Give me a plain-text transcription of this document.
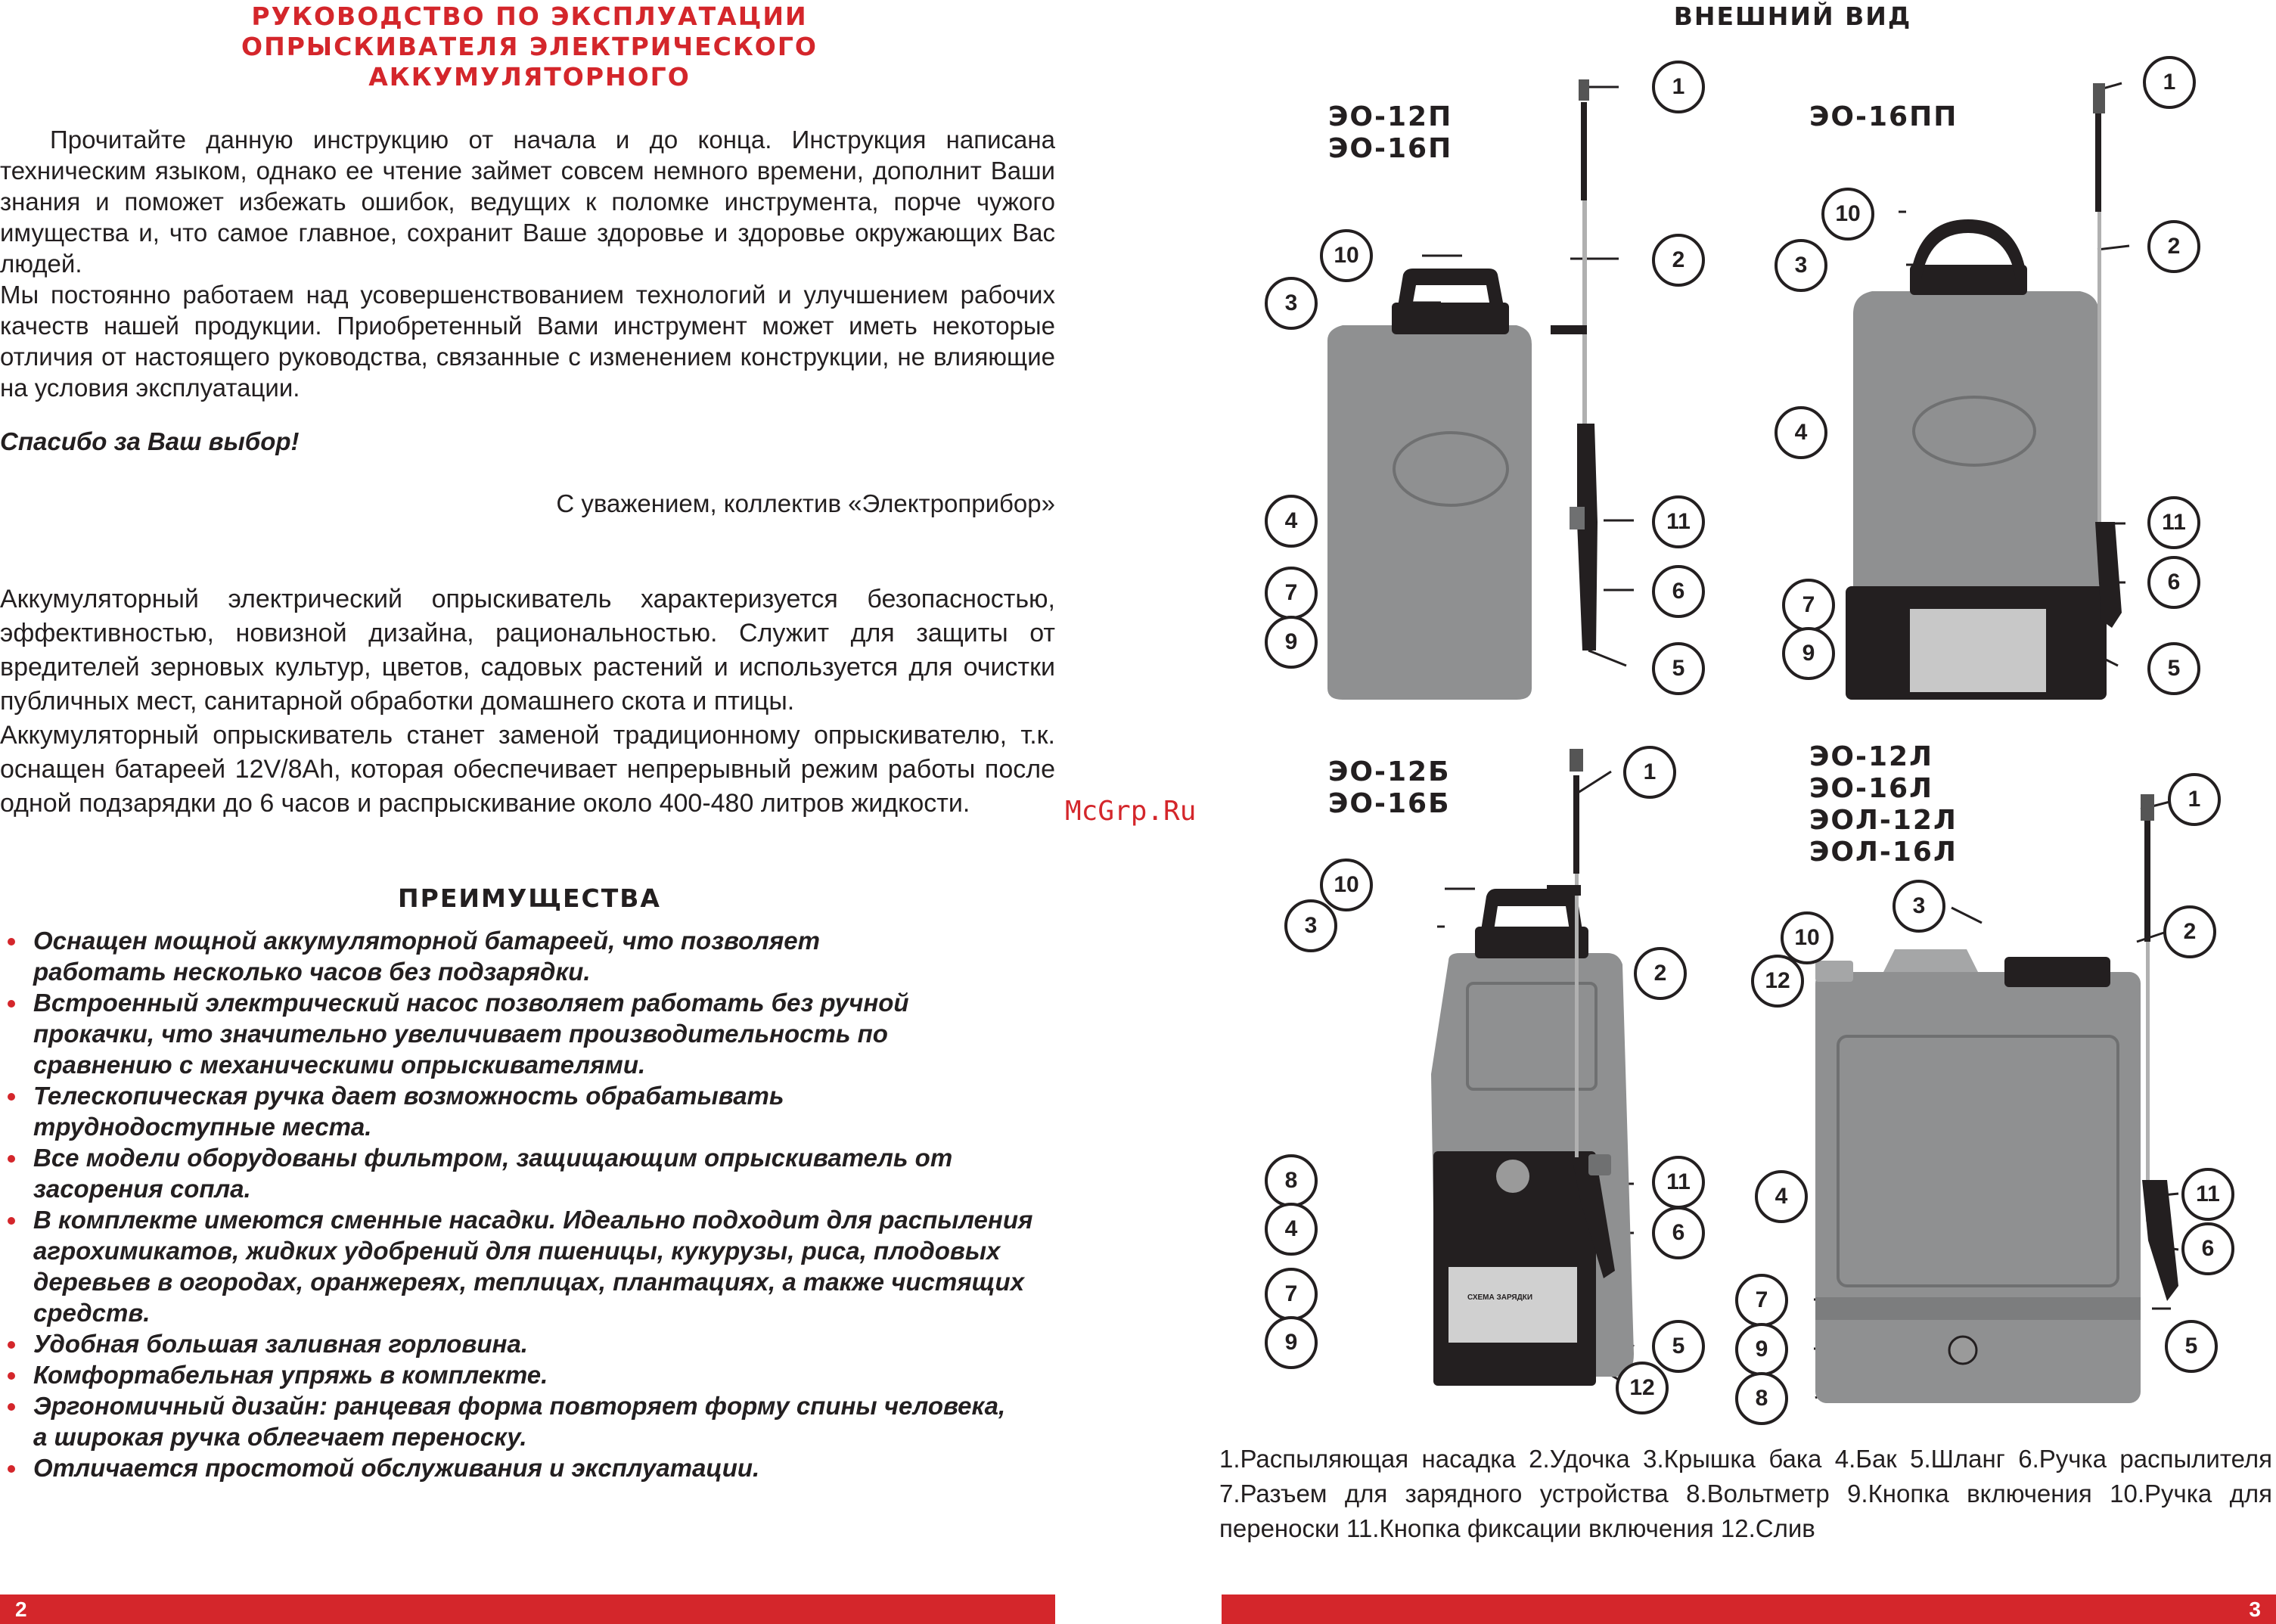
РУКОВОДСТВО ПО ЭКСПЛУАТАЦИИ
ОПРЫСКИВАТЕЛЯ ЭЛЕКТРИЧЕСКОГО
АККУМУЛЯТОРНОГО

Прочитайте данную инструкцию от начала и до конца. Инструкция написана техническим языком, однако ее чтение займет совсем немного времени, дополнит Ваши знания и поможет избежать ошибок, ведущих к поломке инструмента, порче чужого имущества и, что самое главное, сохранит Ваше здоровье и здоровье окружающих Вас людей.

Мы постоянно работаем над усовершенствованием технологий и улучшением рабочих качеств нашей продукции. Приобретенный Вами инструмент может иметь некоторые отличия от настоящего руководства, связанные с изменением конструкции, не влияющие на условия эксплуатации.

Спасибо за Ваш выбор!
С уважением, коллектив «Электроприбор»

Аккумуляторный электрический опрыскиватель характеризуется безопасностью, эффективностью, новизной дизайна, рациональностью. Служит для защиты от вредителей зерновых культур, цветов, садовых растений и используется для очистки публичных мест, санитарной обработки домашнего скота и птицы.

Аккумуляторный опрыскиватель станет заменой традиционному опрыскивателю, т.к. оснащен батареей 12V/8Ah, которая обеспечивает непрерывный режим работы после одной подзарядки до 6 часов и распрыскивание около 400-480 литров жидкости.

ПРЕИМУЩЕСТВА
Оснащен мощной аккумуляторной батареей, что позволяет работать несколько часов без подзарядки.
Встроенный электрический насос позволяет работать без ручной прокачки, что значительно увеличивает производительность по сравнению с механическими опрыскивателями.
Телескопическая ручка дает возможность обрабатывать труднодоступные места.
Все модели оборудованы фильтром, защищающим опрыскиватель от засорения сопла.
В комплекте имеются сменные насадки. Идеально подходит для распыления агрохимикатов, жидких удобрений для пшеницы, кукурузы, риса, плодовых деревьев в огородах, оранжереях, теплицах, плантациях, а также чистящих средств.
Удобная большая заливная горловина.
Комфортабельная упряжь в комплекте.
Эргономичный дизайн: ранцевая форма повторяет форму спины человека, а широкая ручка облегчает переноску.
Отличается простотой обслуживания и эксплуатации.
2
McGrp.Ru
ВНЕШНИЙ ВИД
ЭО-12П
ЭО-16П
ЭО-16ПП
ЭО-12Б
ЭО-16Б
ЭО-12Л
ЭО-16Л
ЭОЛ-12Л
ЭОЛ-16Л
1
10
3
2
4	11
7	6
9
5
1
10
3
2
4
11
7
6
9
5
1
10
3
2
8	11
4	6
7
5
9
12
СХЕМА ЗАРЯДКИ
1
3
10	2
12
4	11
6
7
5
9
8
1.Распыляющая насадка 2.Удочка 3.Крышка бака 4.Бак 5.Шланг 6.Ручка распылителя 7.Разъем для зарядного устройства 8.Вольтметр 9.Кнопка включения 10.Ручка для переноски 11.Кнопка фиксации включения 12.Слив
3
